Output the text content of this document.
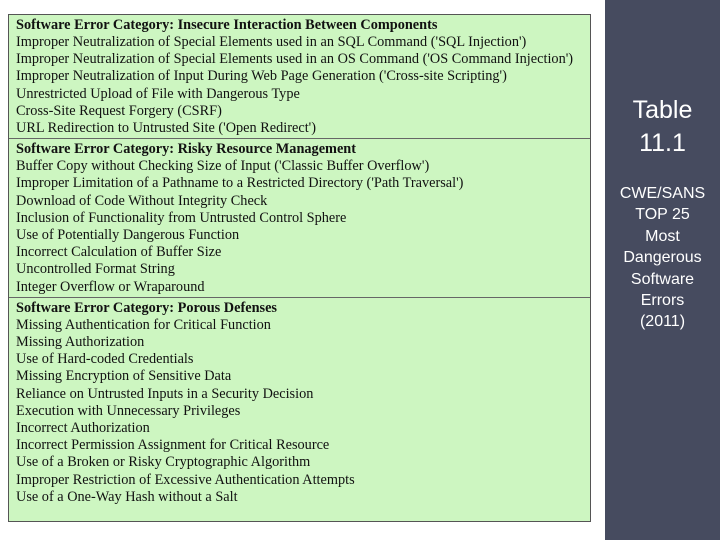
Software Error Category: Insecure Interaction Between Components
Improper Neutralization of Special Elements used in an SQL Command ('SQL Injection')
Improper Neutralization of Special Elements used in an OS Command ('OS Command Injection')
Improper Neutralization of Input During Web Page Generation ('Cross-site Scripting')
Unrestricted Upload of File with Dangerous Type
Cross-Site Request Forgery (CSRF)
URL Redirection to Untrusted Site ('Open Redirect')
Software Error Category: Risky Resource Management
Buffer Copy without Checking Size of Input ('Classic Buffer Overflow')
Improper Limitation of a Pathname to a Restricted Directory ('Path Traversal')
Download of Code Without Integrity Check
Inclusion of Functionality from Untrusted Control Sphere
Use of Potentially Dangerous Function
Incorrect Calculation of Buffer Size
Uncontrolled Format String
Integer Overflow or Wraparound
Software Error Category: Porous Defenses
Missing Authentication for Critical Function
Missing Authorization
Use of Hard-coded Credentials
Missing Encryption of Sensitive Data
Reliance on Untrusted Inputs in a Security Decision
Execution with Unnecessary Privileges
Incorrect Authorization
Incorrect Permission Assignment for Critical Resource
Use of a Broken or Risky Cryptographic Algorithm
Improper Restriction of Excessive Authentication Attempts
Use of a One-Way Hash without a Salt
Table
11.1
CWE/SANS
TOP 25
Most
Dangerous
Software
Errors
(2011)
